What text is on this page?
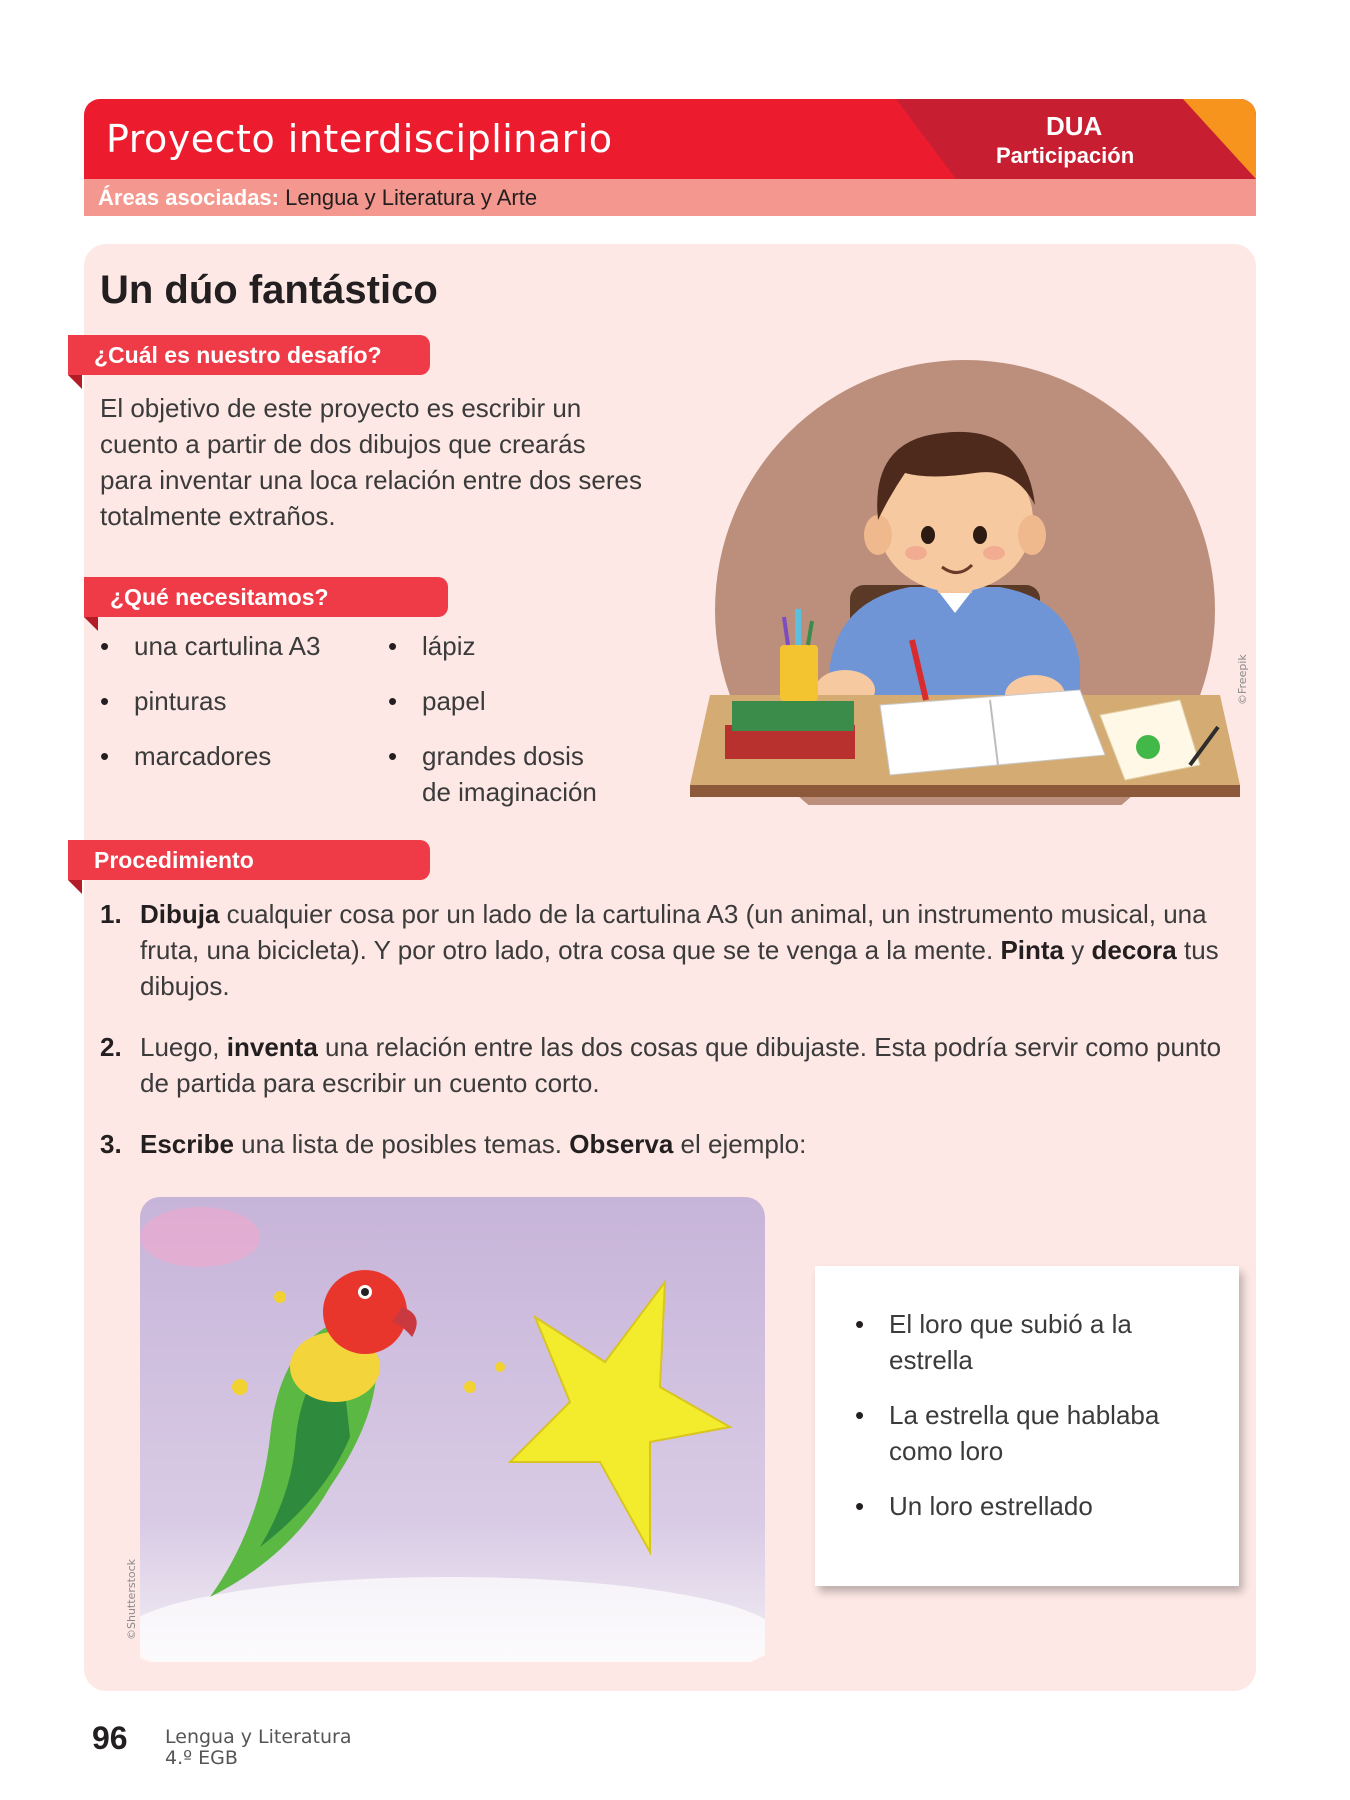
Proyecto interdisciplinario	DUA
Participación
Áreas asociadas: Lengua y Literatura y Arte
Un dúo fantástico
¿Cuál es nuestro desafío?
El objetivo de este proyecto es escribir un
cuento a partir de dos dibujos que crearás
para inventar una loca relación entre dos seres
totalmente extraños.
¿Qué necesitamos?
• una cartulina A3
• pinturas
• marcadores
• lápiz
• papel
• grandes dosis
de imaginación
©Freepik
Procedimiento
1. Dibuja cualquier cosa por un lado de la cartulina A3 (un animal, un instrumento musical, una
fruta, una bicicleta). Y por otro lado, otra cosa que se te venga a la mente. Pinta y decora tus
dibujos.
2. Luego, inventa una relación entre las dos cosas que dibujaste. Esta podría servir como punto
de partida para escribir un cuento corto.
3. Escribe una lista de posibles temas. Observa el ejemplo:
©Shutterstock
• El loro que subió a la
estrella
• La estrella que hablaba
como loro
• Un loro estrellado
96 Lengua y Literatura
4.º EGB
